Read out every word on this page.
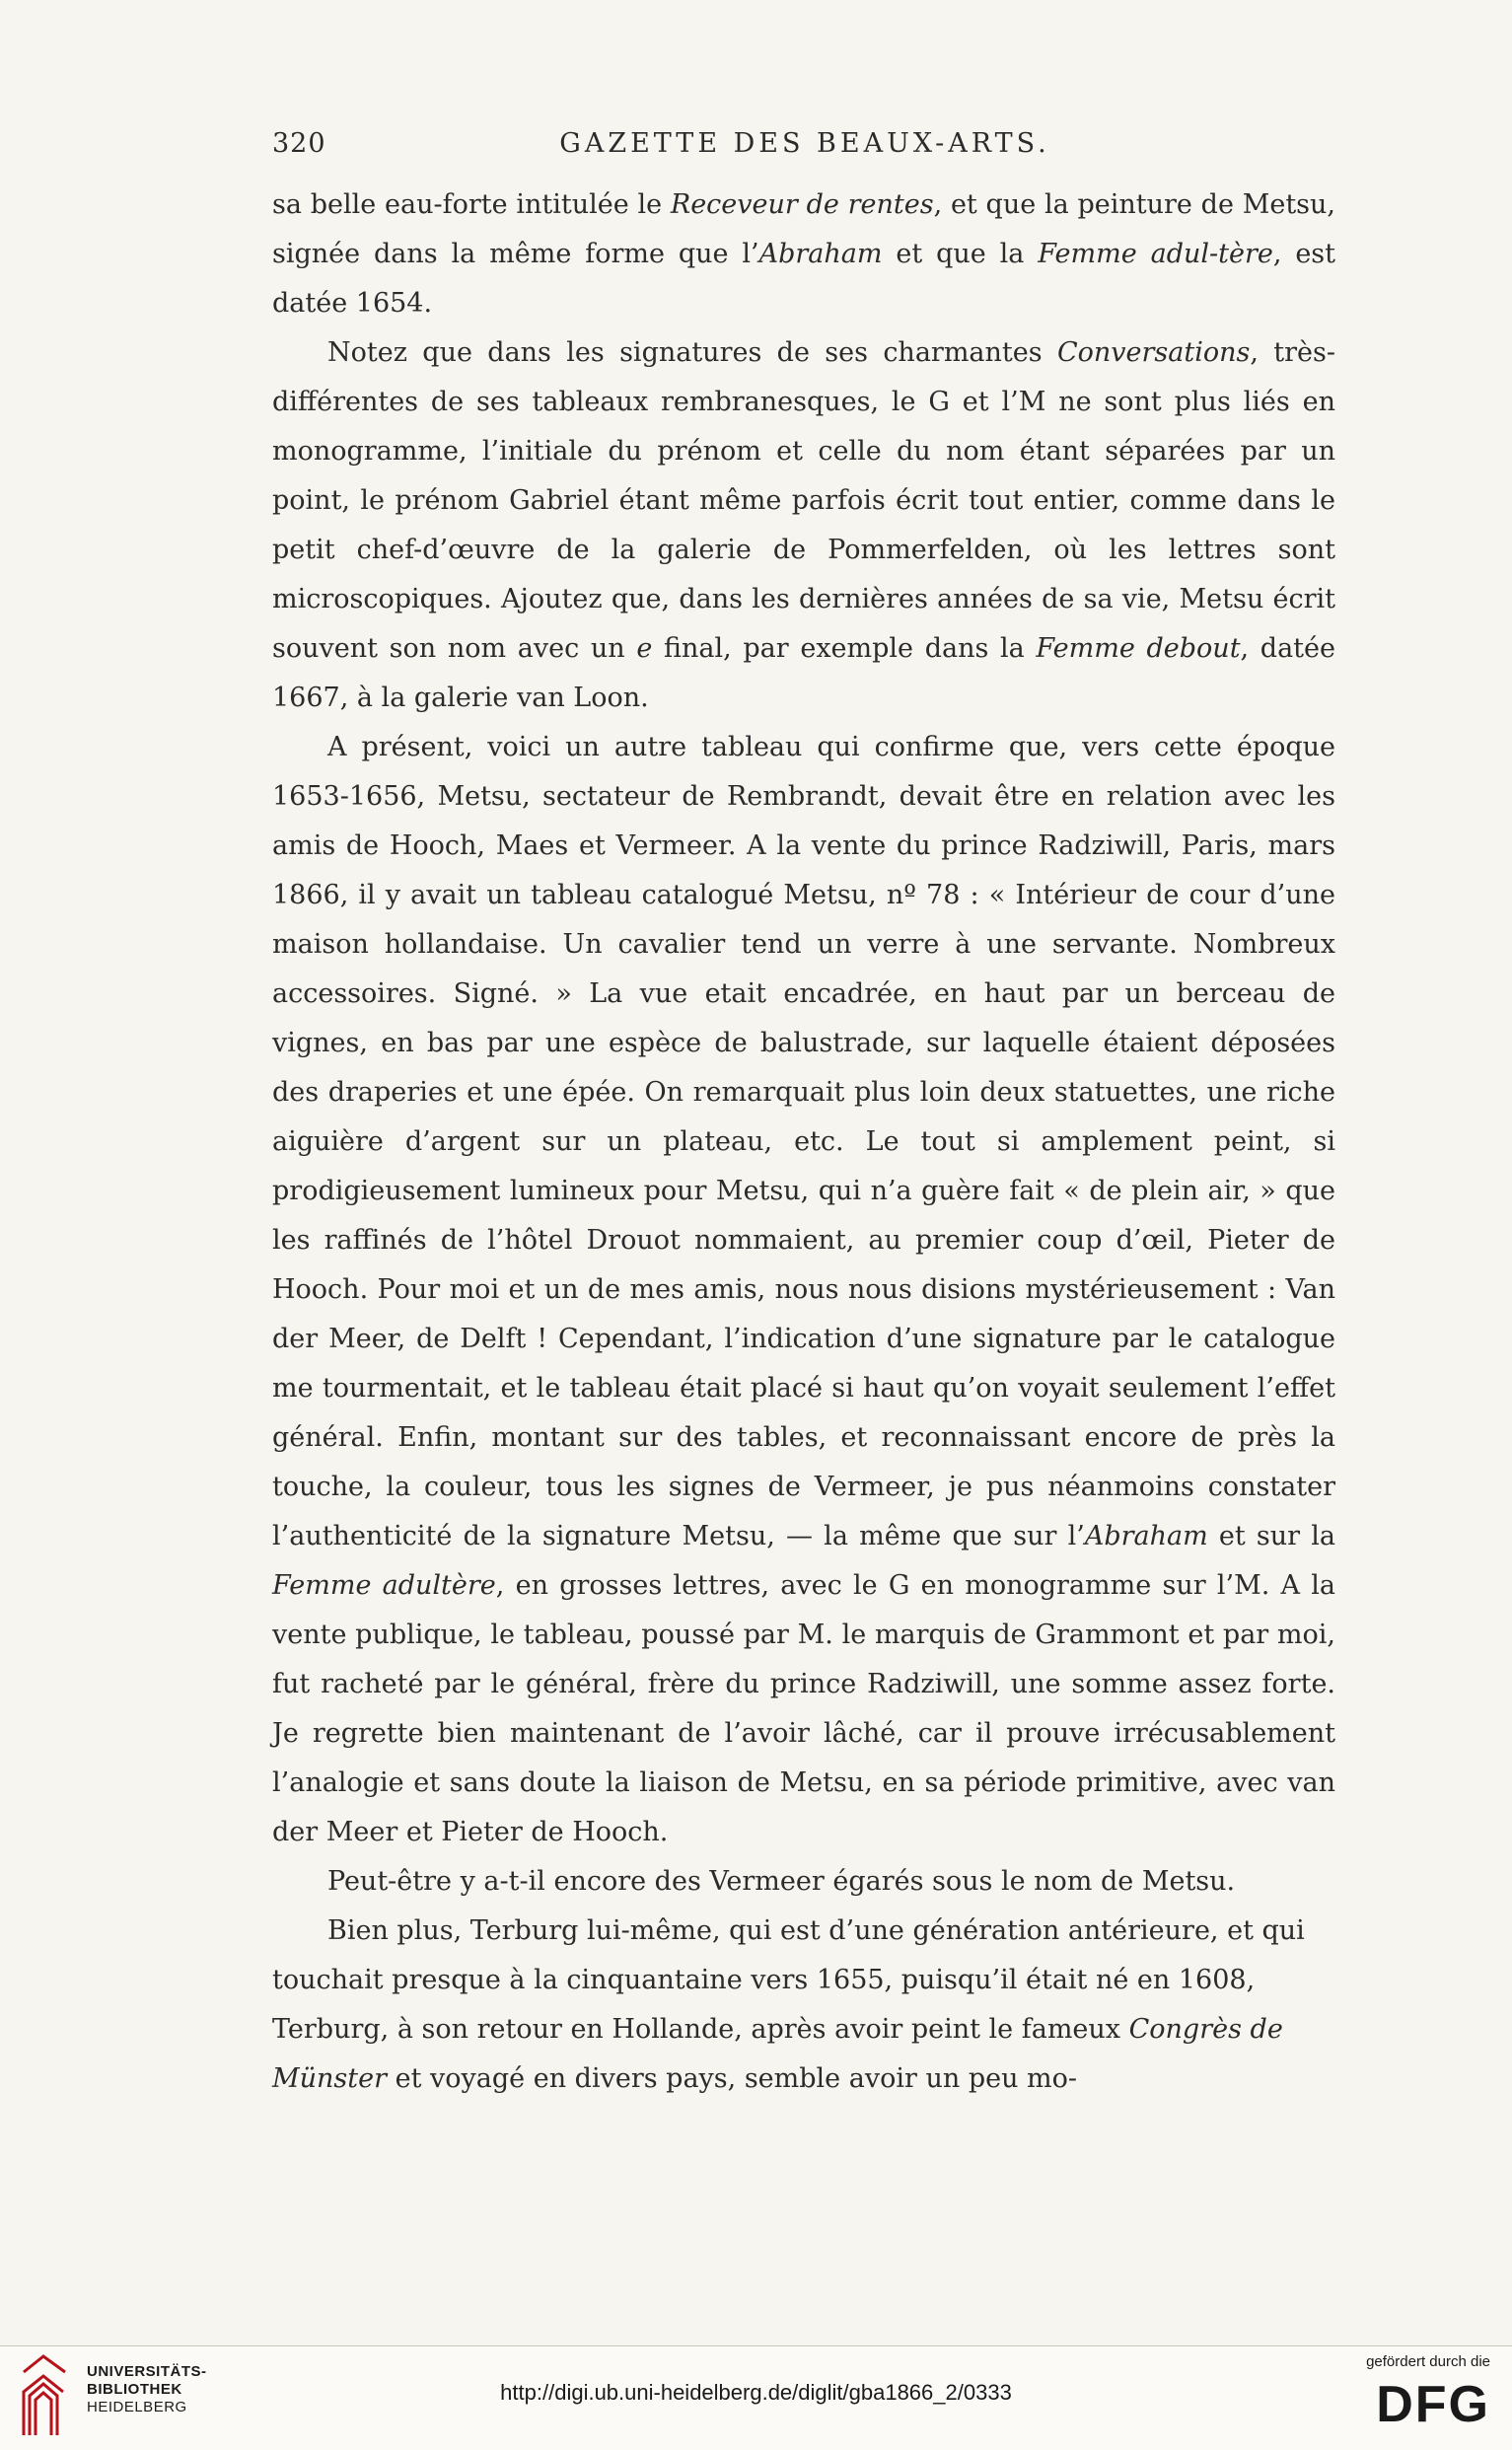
320	GAZETTE DES BEAUX-ARTS.

sa belle eau-forte intitulée le Receveur de rentes, et que la peinture de Metsu, signée dans la même forme que l’Abraham et que la Femme adul-tère, est datée 1654.

Notez que dans les signatures de ses charmantes Conversations, très-différentes de ses tableaux rembranesques, le G et l’M ne sont plus liés en monogramme, l’initiale du prénom et celle du nom étant séparées par un point, le prénom Gabriel étant même parfois écrit tout entier, comme dans le petit chef-d’œuvre de la galerie de Pommerfelden, où les lettres sont microscopiques. Ajoutez que, dans les dernières années de sa vie, Metsu écrit souvent son nom avec un e final, par exemple dans la Femme debout, datée 1667, à la galerie van Loon.

A présent, voici un autre tableau qui confirme que, vers cette époque 1653-1656, Metsu, sectateur de Rembrandt, devait être en relation avec les amis de Hooch, Maes et Vermeer. A la vente du prince Radziwill, Paris, mars 1866, il y avait un tableau catalogué Metsu, nº 78 : « Intérieur de cour d’une maison hollandaise. Un cavalier tend un verre à une servante. Nombreux accessoires. Signé. » La vue etait encadrée, en haut par un berceau de vignes, en bas par une espèce de balustrade, sur laquelle étaient déposées des draperies et une épée. On remarquait plus loin deux statuettes, une riche aiguière d’argent sur un plateau, etc. Le tout si amplement peint, si prodigieusement lumineux pour Metsu, qui n’a guère fait « de plein air, » que les raffinés de l’hôtel Drouot nommaient, au premier coup d’œil, Pieter de Hooch. Pour moi et un de mes amis, nous nous disions mystérieusement : Van der Meer, de Delft ! Cependant, l’indication d’une signature par le catalogue me tourmentait, et le tableau était placé si haut qu’on voyait seulement l’effet général. Enfin, montant sur des tables, et reconnaissant encore de près la touche, la couleur, tous les signes de Vermeer, je pus néanmoins constater l’authenticité de la signature Metsu, — la même que sur l’Abraham et sur la Femme adultère, en grosses lettres, avec le G en monogramme sur l’M. A la vente publique, le tableau, poussé par M. le marquis de Grammont et par moi, fut racheté par le général, frère du prince Radziwill, une somme assez forte. Je regrette bien maintenant de l’avoir lâché, car il prouve irrécusablement l’analogie et sans doute la liaison de Metsu, en sa période primitive, avec van der Meer et Pieter de Hooch.

Peut-être y a-t-il encore des Vermeer égarés sous le nom de Metsu.

Bien plus, Terburg lui-même, qui est d’une génération antérieure, et qui touchait presque à la cinquantaine vers 1655, puisqu’il était né en 1608, Terburg, à son retour en Hollande, après avoir peint le fameux Congrès de Münster et voyagé en divers pays, semble avoir un peu mo-

UNIVERSITÄTS-
BIBLIOTHEK
HEIDELBERG
http://digi.ub.uni-heidelberg.de/diglit/gba1866_2/0333
gefördert durch die
DFG
